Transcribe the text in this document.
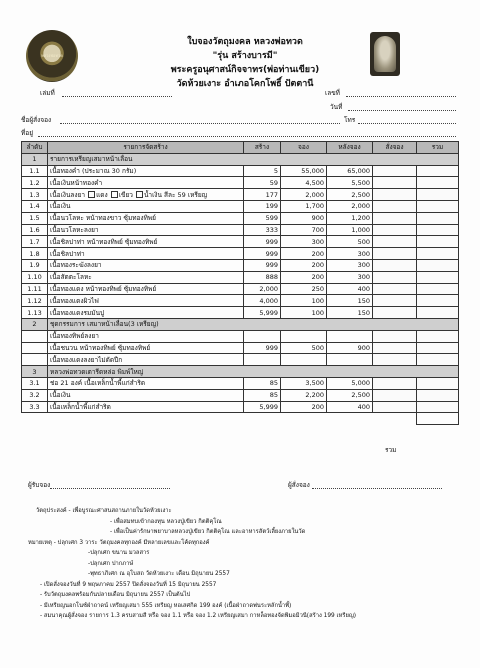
หลวงพ่อทวด
ใบจองวัตถุมงคล หลวงพ่อทวด
"รุ่น สร้างบารมี"
พระครูอนุศาสน์กิจจาทร(พ่อท่านเขียว)
วัดห้วยเงาะ อำเภอโคกโพธิ์ ปัตตานี
เล่มที่	เลขที่
วันที่
ชื่อผู้สั่งจอง	โทร
ที่อยู่
ลำดับ	รายการจัดสร้าง	สร้าง	จอง	หลังจอง	สั่งจอง	รวม
1	รายการเหรียญเสมาหน้าเลื่อน					
1.1	เนื้อทองคำ (ประมาณ 30 กรัม)	5	55,000	65,000		
1.2	เนื้อเงินหน้าทองคำ	59	4,500	5,500		
1.3	เนื้อเงินลงยา แดง เขียว น้ำเงิน สีละ 59 เหรียญ	177	2,000	2,500		
1.4	เนื้อเงิน	199	1,700	2,000		
1.5	เนื้อนวโลหะ หน้าทองขาว ซุ้มทองทิพย์	599	900	1,200		
1.6	เนื้อนวโลหะลงยา	333	700	1,000		
1.7	เนื้อชิลปาท่า หน้าทองทิพย์ ซุ้มทองทิพย์	999	300	500		
1.8	เนื้อชิลปาท่า	999	200	300		
1.9	เนื้อทองระฆังลงยา	999	200	300		
1.10	เนื้อสัตตะโลหะ	888	200	300		
1.11	เนื้อทองแดง หน้าทองทิพย์ ซุ้มทองทิพย์	2,000	250	400		
1.12	เนื้อทองแดงผิวไฟ	4,000	100	150		
1.13	เนื้อทองแดงรมมันปู	5,999	100	150		
2	ชุดกรรมการ เสมาหน้าเลื่อน(3 เหรียญ)					
	เนื้อทองทิพย์ลงยา					
	เนื้อชนวน หน้าทองทิพย์ ซุ้มทองทิพย์	999	500	900		
	เนื้อทองแดงลงยาไม่ตัดปีก					
3	หลวงพ่อทวดเตารีดหล่อ พิมพ์ใหญ่					
3.1	ช่อ 21 องค์ เนื้อเหล็กน้ำพี้แก่สำริด	85	3,500	5,000		
3.2	เนื้อเงิน	85	2,200	2,500		
3.3	เนื้อเหล็กน้ำพี้แก่สำริด	5,999	200	400		

รวม
ผู้รับจอง	ผู้สั่งจอง
วัตถุประสงค์ - เพื่อบูรณะศาสนสถานภายในวัดห้วยเงาะ
- เพื่อสมทบเข้ากองทุน หลวงปู่เขียว กิตติคุโณ
- เพื่อเป็นค่ารักษาพยาบาลหลวงปู่เขียว กิตติคุโณ และอาหารสัตว์เลี้ยงภายในวัด
หมายเหตุ - ปลุกเศก 3 วาระ วัตถุมงคลทุกองค์ มีหลายเลขและโค้ดทุกองค์
-ปลุกเศก ขนาน มวลสาร
-ปลุกเศก ปากภาษ์
-พุทธาภิเศก ณ อุโบสถ วัดห้วยเงาะ เดือน มิถุนายน 2557
- เปิดสั่งจองวันที่ 9 พฤษภาคม 2557 ปิดสั่งจองวันที่ 15 มิถุนายน 2557
- รับวัตถุมงคลพร้อมกันปลายเดือน มิถุนายน 2557 เป็นต้นไป
- มีเหรียญนอกโนซ์ฝ่าถาดน์ เหรียญเสมา 555 เหรียญ หอเสศกิด 199 องค์ (เนื้อฝ่าถาดพ่นระหลักน้ำพี้)
- สมนาคุณผู้สั่งจอง รายการ 1.3 ครบสามสี หรือ จอง 1.1 หรือ จอง 1.2 เหรียญเสมา กาหล็อทองจัดพิมอมิวนี(สร้าง 199 เหรียญ)
